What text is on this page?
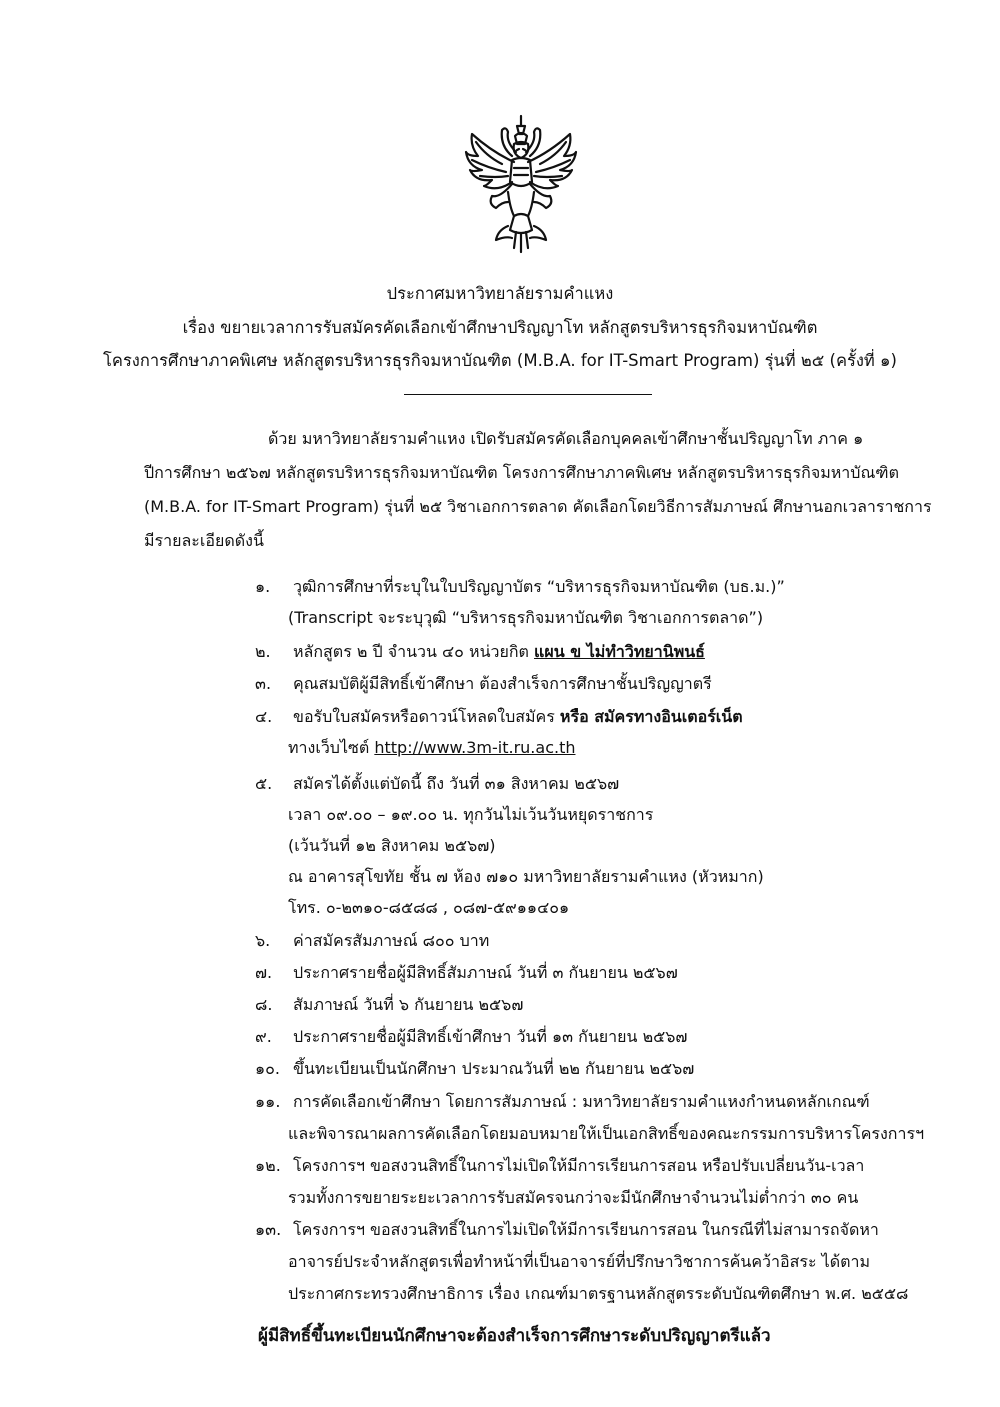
ประกาศมหาวิทยาลัยรามคำแหง
เรื่อง ขยายเวลาการรับสมัครคัดเลือกเข้าศึกษาปริญญาโท หลักสูตรบริหารธุรกิจมหาบัณฑิต
โครงการศึกษาภาคพิเศษ หลักสูตรบริหารธุรกิจมหาบัณฑิต (M.B.A. for IT-Smart Program) รุ่นที่ ๒๕ (ครั้งที่ ๑)
ด้วย มหาวิทยาลัยรามคำแหง เปิดรับสมัครคัดเลือกบุคคลเข้าศึกษาชั้นปริญญาโท ภาค ๑
ปีการศึกษา ๒๕๖๗ หลักสูตรบริหารธุรกิจมหาบัณฑิต โครงการศึกษาภาคพิเศษ หลักสูตรบริหารธุรกิจมหาบัณฑิต
(M.B.A. for IT-Smart Program) รุ่นที่ ๒๕ วิชาเอกการตลาด คัดเลือกโดยวิธีการสัมภาษณ์ ศึกษานอกเวลาราชการ
มีรายละเอียดดังนี้
๑. วุฒิการศึกษาที่ระบุในใบปริญญาบัตร “บริหารธุรกิจมหาบัณฑิต (บธ.ม.)”
(Transcript จะระบุวุฒิ “บริหารธุรกิจมหาบัณฑิต วิชาเอกการตลาด”)
๒. หลักสูตร ๒ ปี จำนวน ๔๐ หน่วยกิต แผน ข ไม่ทำวิทยานิพนธ์
๓. คุณสมบัติผู้มีสิทธิ์เข้าศึกษา ต้องสำเร็จการศึกษาชั้นปริญญาตรี
๔. ขอรับใบสมัครหรือดาวน์โหลดใบสมัคร หรือ สมัครทางอินเตอร์เน็ต
ทางเว็บไซต์ http://www.3m-it.ru.ac.th
๕. สมัครได้ตั้งแต่บัดนี้ ถึง วันที่ ๓๑ สิงหาคม ๒๕๖๗
เวลา ๐๙.๐๐ – ๑๙.๐๐ น. ทุกวันไม่เว้นวันหยุดราชการ
(เว้นวันที่ ๑๒ สิงหาคม ๒๕๖๗)
ณ อาคารสุโขทัย ชั้น ๗ ห้อง ๗๑๐ มหาวิทยาลัยรามคำแหง (หัวหมาก)
โทร. ๐-๒๓๑๐-๘๕๘๘ , ๐๘๗-๕๙๑๑๔๐๑
๖. ค่าสมัครสัมภาษณ์ ๘๐๐ บาท
๗. ประกาศรายชื่อผู้มีสิทธิ์สัมภาษณ์ วันที่ ๓ กันยายน ๒๕๖๗
๘. สัมภาษณ์ วันที่ ๖ กันยายน ๒๕๖๗
๙. ประกาศรายชื่อผู้มีสิทธิ์เข้าศึกษา วันที่ ๑๓ กันยายน ๒๕๖๗
๑๐. ขึ้นทะเบียนเป็นนักศึกษา ประมาณวันที่ ๒๒ กันยายน ๒๕๖๗
๑๑. การคัดเลือกเข้าศึกษา โดยการสัมภาษณ์ : มหาวิทยาลัยรามคำแหงกำหนดหลักเกณฑ์
และพิจารณาผลการคัดเลือกโดยมอบหมายให้เป็นเอกสิทธิ์ของคณะกรรมการบริหารโครงการฯ
๑๒. โครงการฯ ขอสงวนสิทธิ์ในการไม่เปิดให้มีการเรียนการสอน หรือปรับเปลี่ยนวัน-เวลา
รวมทั้งการขยายระยะเวลาการรับสมัครจนกว่าจะมีนักศึกษาจำนวนไม่ต่ำกว่า ๓๐ คน
๑๓. โครงการฯ ขอสงวนสิทธิ์ในการไม่เปิดให้มีการเรียนการสอน ในกรณีที่ไม่สามารถจัดหา
อาจารย์ประจำหลักสูตรเพื่อทำหน้าที่เป็นอาจารย์ที่ปรึกษาวิชาการค้นคว้าอิสระ ได้ตาม
ประกาศกระทรวงศึกษาธิการ เรื่อง เกณฑ์มาตรฐานหลักสูตรระดับบัณฑิตศึกษา พ.ศ. ๒๕๕๘
ผู้มีสิทธิ์ขึ้นทะเบียนนักศึกษาจะต้องสำเร็จการศึกษาระดับปริญญาตรีแล้ว
